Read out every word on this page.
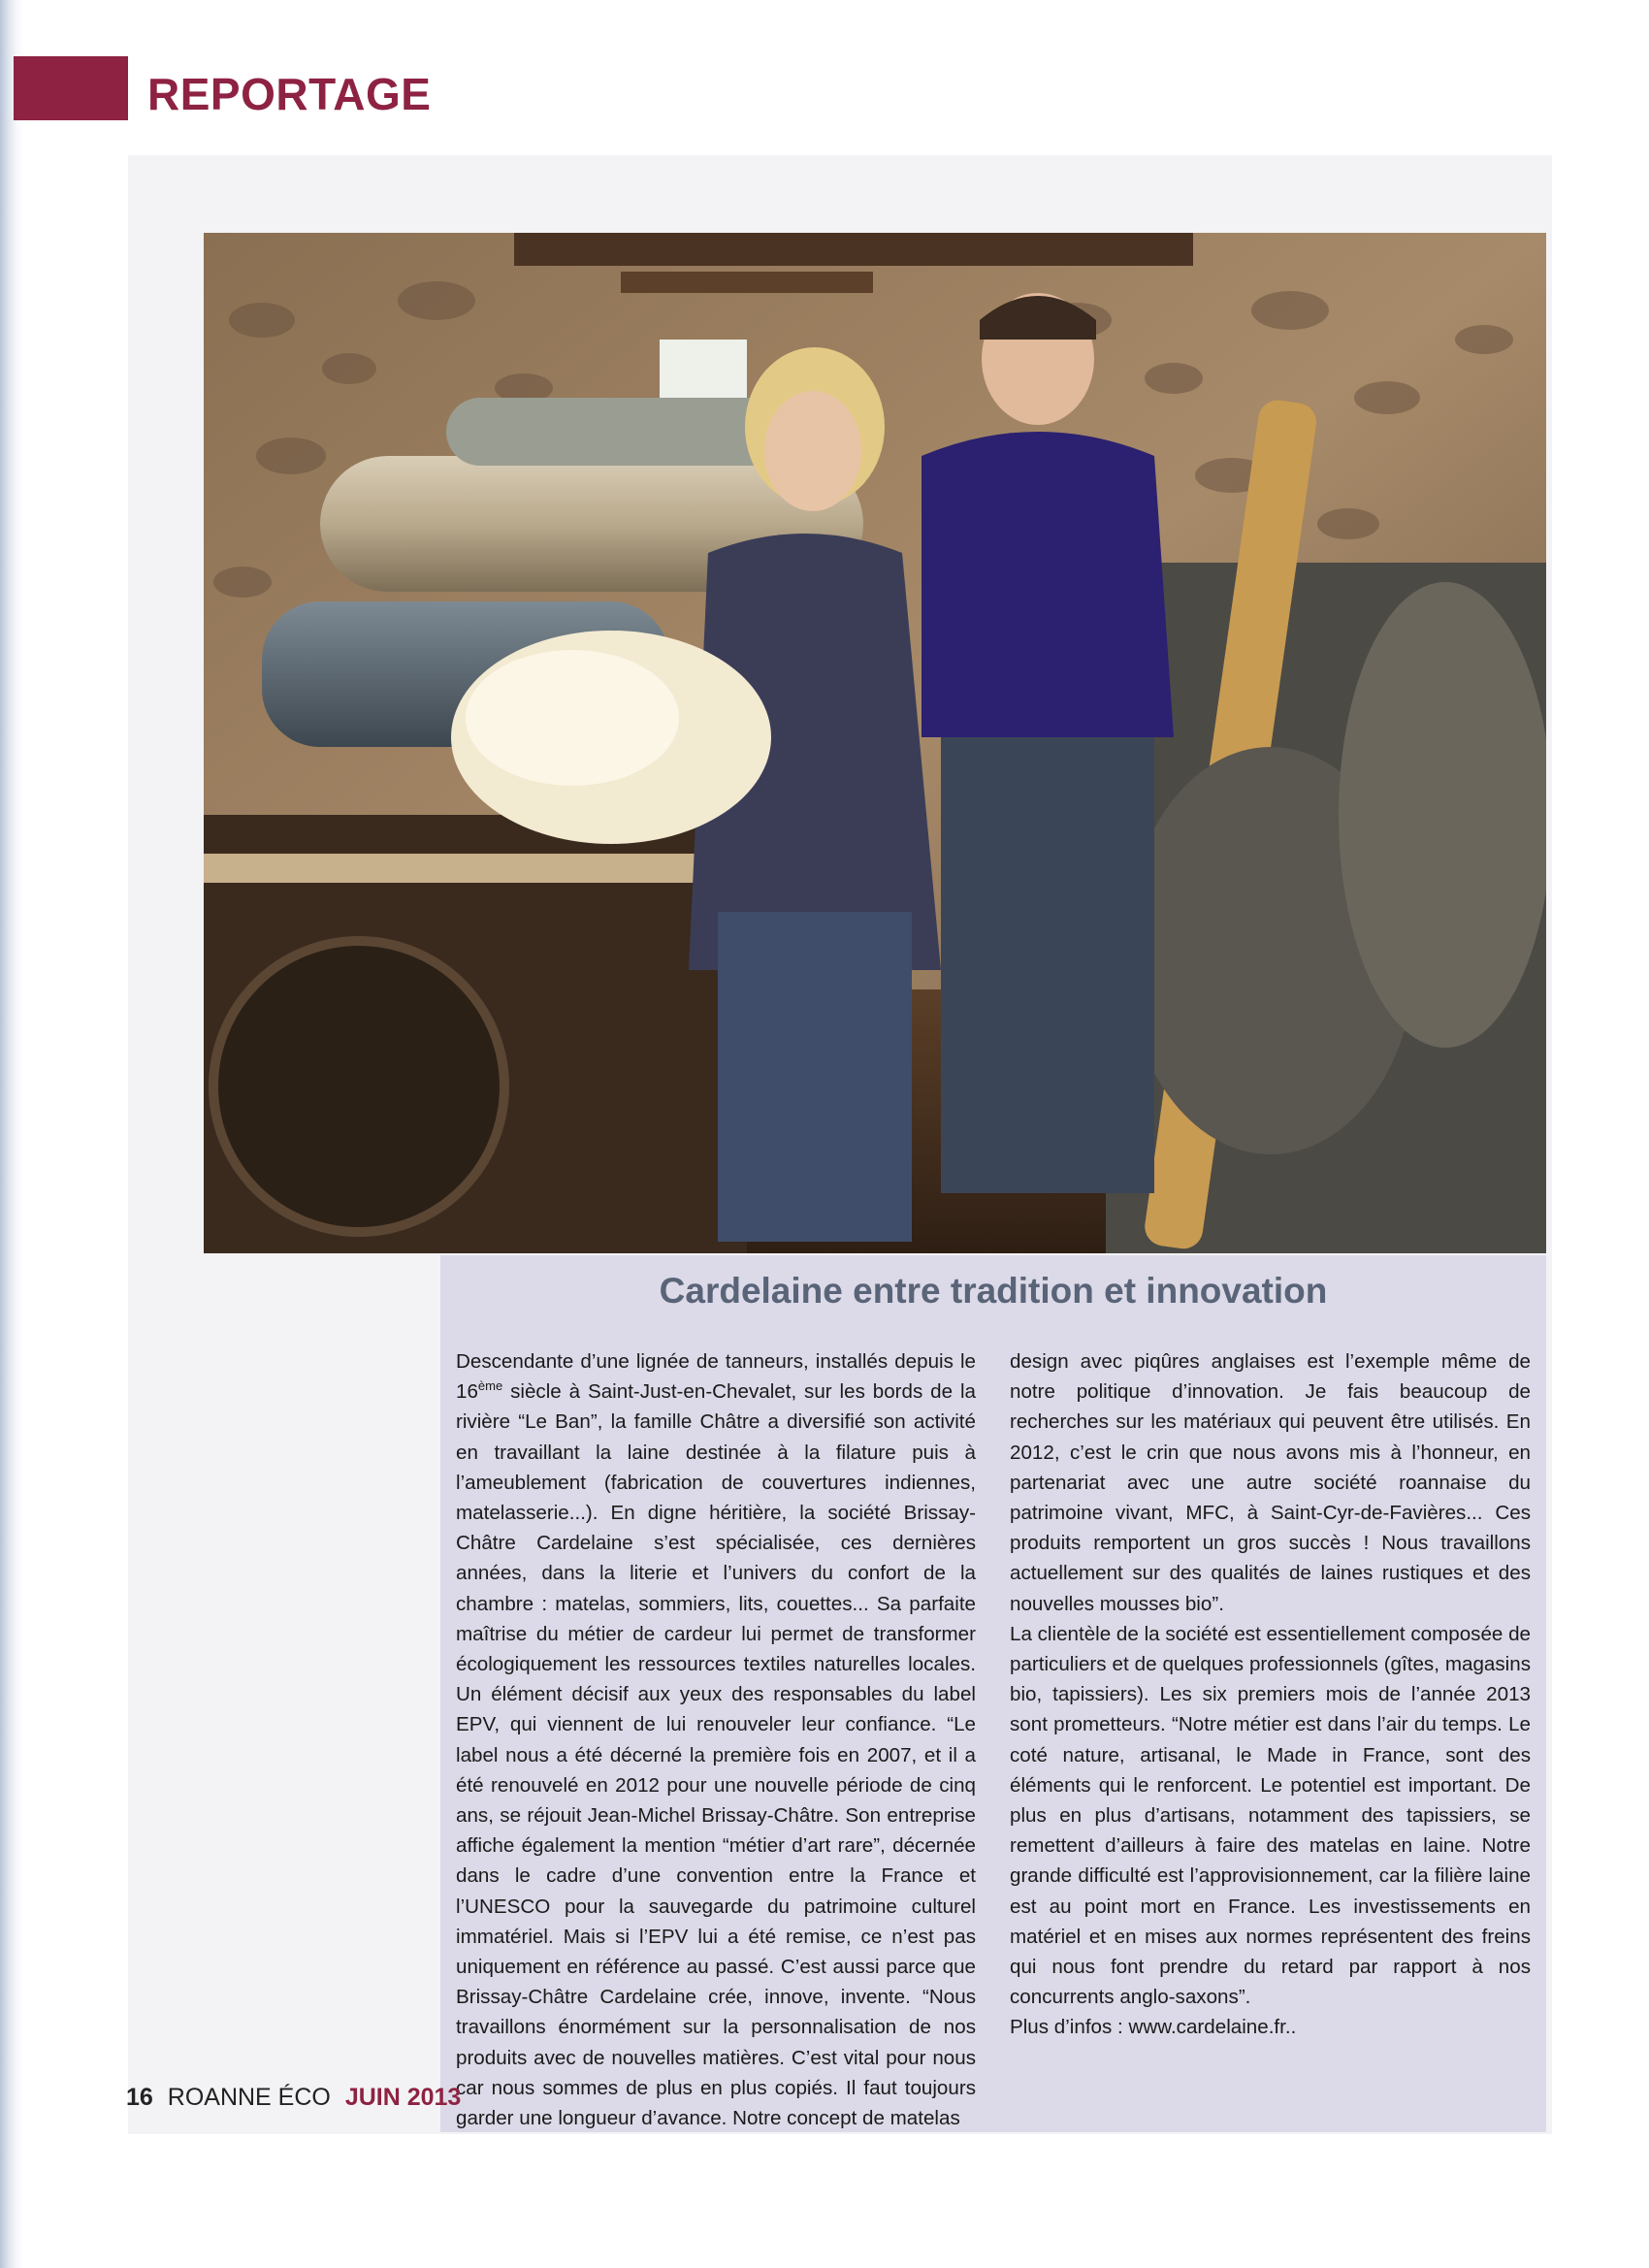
REPORTAGE
Cardelaine entre tradition et innovation

Descendante d’une lignée de tanneurs, installés depuis le 16ème siècle à Saint-Just-en-Chevalet, sur les bords de la rivière “Le Ban”, la famille Châtre a diversifié son activité en travaillant la laine destinée à la filature puis à l’ameublement (fabrication de couvertures indiennes, matelasserie...). En digne héritière, la société Brissay-Châtre Cardelaine s’est spécialisée, ces dernières années, dans la literie et l’univers du confort de la chambre : matelas, sommiers, lits, couettes... Sa parfaite maîtrise du métier de cardeur lui permet de transformer écologiquement les ressources textiles naturelles locales. Un élément décisif aux yeux des responsables du label EPV, qui viennent de lui renouveler leur confiance. “Le label nous a été décerné la première fois en 2007, et il a été renouvelé en 2012 pour une nouvelle période de cinq ans, se réjouit Jean-Michel Brissay-Châtre. Son entreprise affiche également la mention “métier d’art rare”, décernée dans le cadre d’une convention entre la France et l’UNESCO pour la sauvegarde du patrimoine culturel immatériel. Mais si l’EPV lui a été remise, ce n’est pas uniquement en référence au passé. C’est aussi parce que Brissay-Châtre Cardelaine crée, innove, invente. “Nous travaillons énormément sur la personnalisation de nos produits avec de nouvelles matières. C’est vital pour nous car nous sommes de plus en plus copiés. Il faut toujours garder une longueur d’avance. Notre concept de matelas

design avec piqûres anglaises est l’exemple même de notre politique d’innovation. Je fais beaucoup de recherches sur les matériaux qui peuvent être utilisés. En 2012, c’est le crin que nous avons mis à l’honneur, en partenariat avec une autre société roannaise du patrimoine vivant, MFC, à Saint-Cyr-de-Favières... Ces produits remportent un gros succès ! Nous travaillons actuellement sur des qualités de laines rustiques et des nouvelles mousses bio”.

La clientèle de la société est essentiellement composée de particuliers et de quelques professionnels (gîtes, magasins bio, tapissiers). Les six premiers mois de l’année 2013 sont prometteurs. “Notre métier est dans l’air du temps. Le coté nature, artisanal, le Made in France, sont des éléments qui le renforcent. Le potentiel est important. De plus en plus d’artisans, notamment des tapissiers, se remettent d’ailleurs à faire des matelas en laine. Notre grande difficulté est l’approvisionnement, car la filière laine est au point mort en France. Les investissements en matériel et en mises aux normes représentent des freins qui nous font prendre du retard par rapport à nos concurrents anglo-saxons”.

Plus d’infos : www.cardelaine.fr..

16 ROANNE ÉCO JUIN 2013
